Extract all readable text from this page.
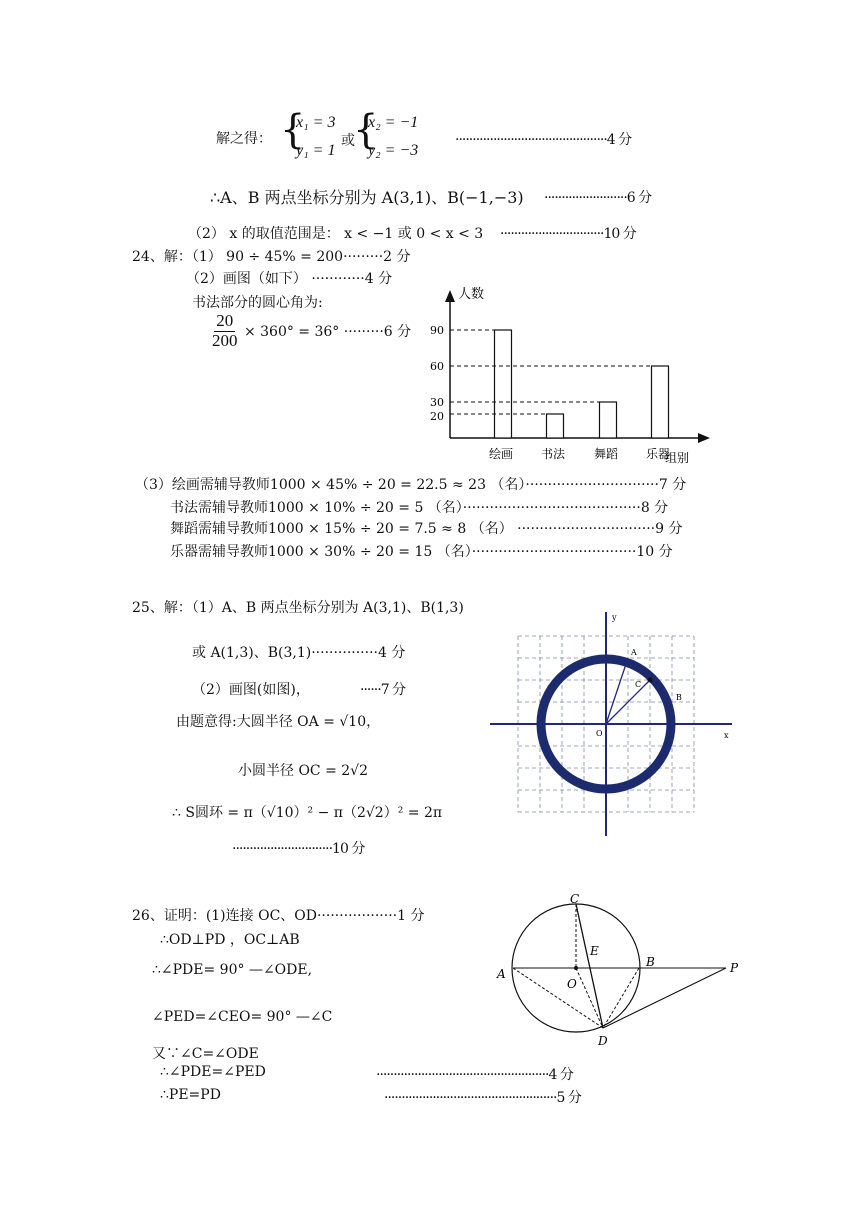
解之得： {
x₁ = 3
y₁ = 1
或
{
x₂ = −1
y₂ = −3
············································4 分
∴A、B 两点坐标分别为 A(3,1)、B(−1,−3) ························6 分
（2） x 的取值范围是： x < −1 或 0 < x < 3 ······························10 分
24、解：（1） 90 ÷ 45% = 200·········2 分
（2）画图（如下） ············4 分
书法部分的圆心角为:
$\frac{20}{200} \times 360^\circ = 36^\circ \cdot\cdot\cdot\cdot\cdot\cdot\cdot\cdot\cdot 6$ 分
人数
组别
绘画 书法 舞蹈 乐器
90
60
30
20
（3）绘画需辅导教师1000 × 45% ÷ 20 = 22.5 ≈ 23 （名）······························7 分
书法需辅导教师1000 × 10% ÷ 20 = 5 （名）········································8 分
舞蹈需辅导教师1000 × 15% ÷ 20 = 7.5 ≈ 8 （名） ·······························9 分
乐器需辅导教师1000 × 30% ÷ 20 = 15 （名）·····································10 分
25、解：（1）A、B 两点坐标分别为 A(3,1)、B(1,3)
或 A(1,3)、B(3,1)···············4 分
（2）画图(如图)，	······7 分
由题意得:大圆半径 OA = √10，
小圆半径 OC = 2√2
∴ S圆环 = π（√10）² − π（2√2）² = 2π
·····························10 分
y
x
O
A
B
C
26、证明：(1)连接 OC、OD··················1 分
∴OD⊥PD ，OC⊥AB
∴∠PDE= 90° —∠ODE,
∠PED=∠CEO= 90° —∠C
又∵∠C=∠ODE
∴∠PDE=∠PED	··················································4 分
∴PE=PD	··················································5 分
C
A
B
E
O
D
P
